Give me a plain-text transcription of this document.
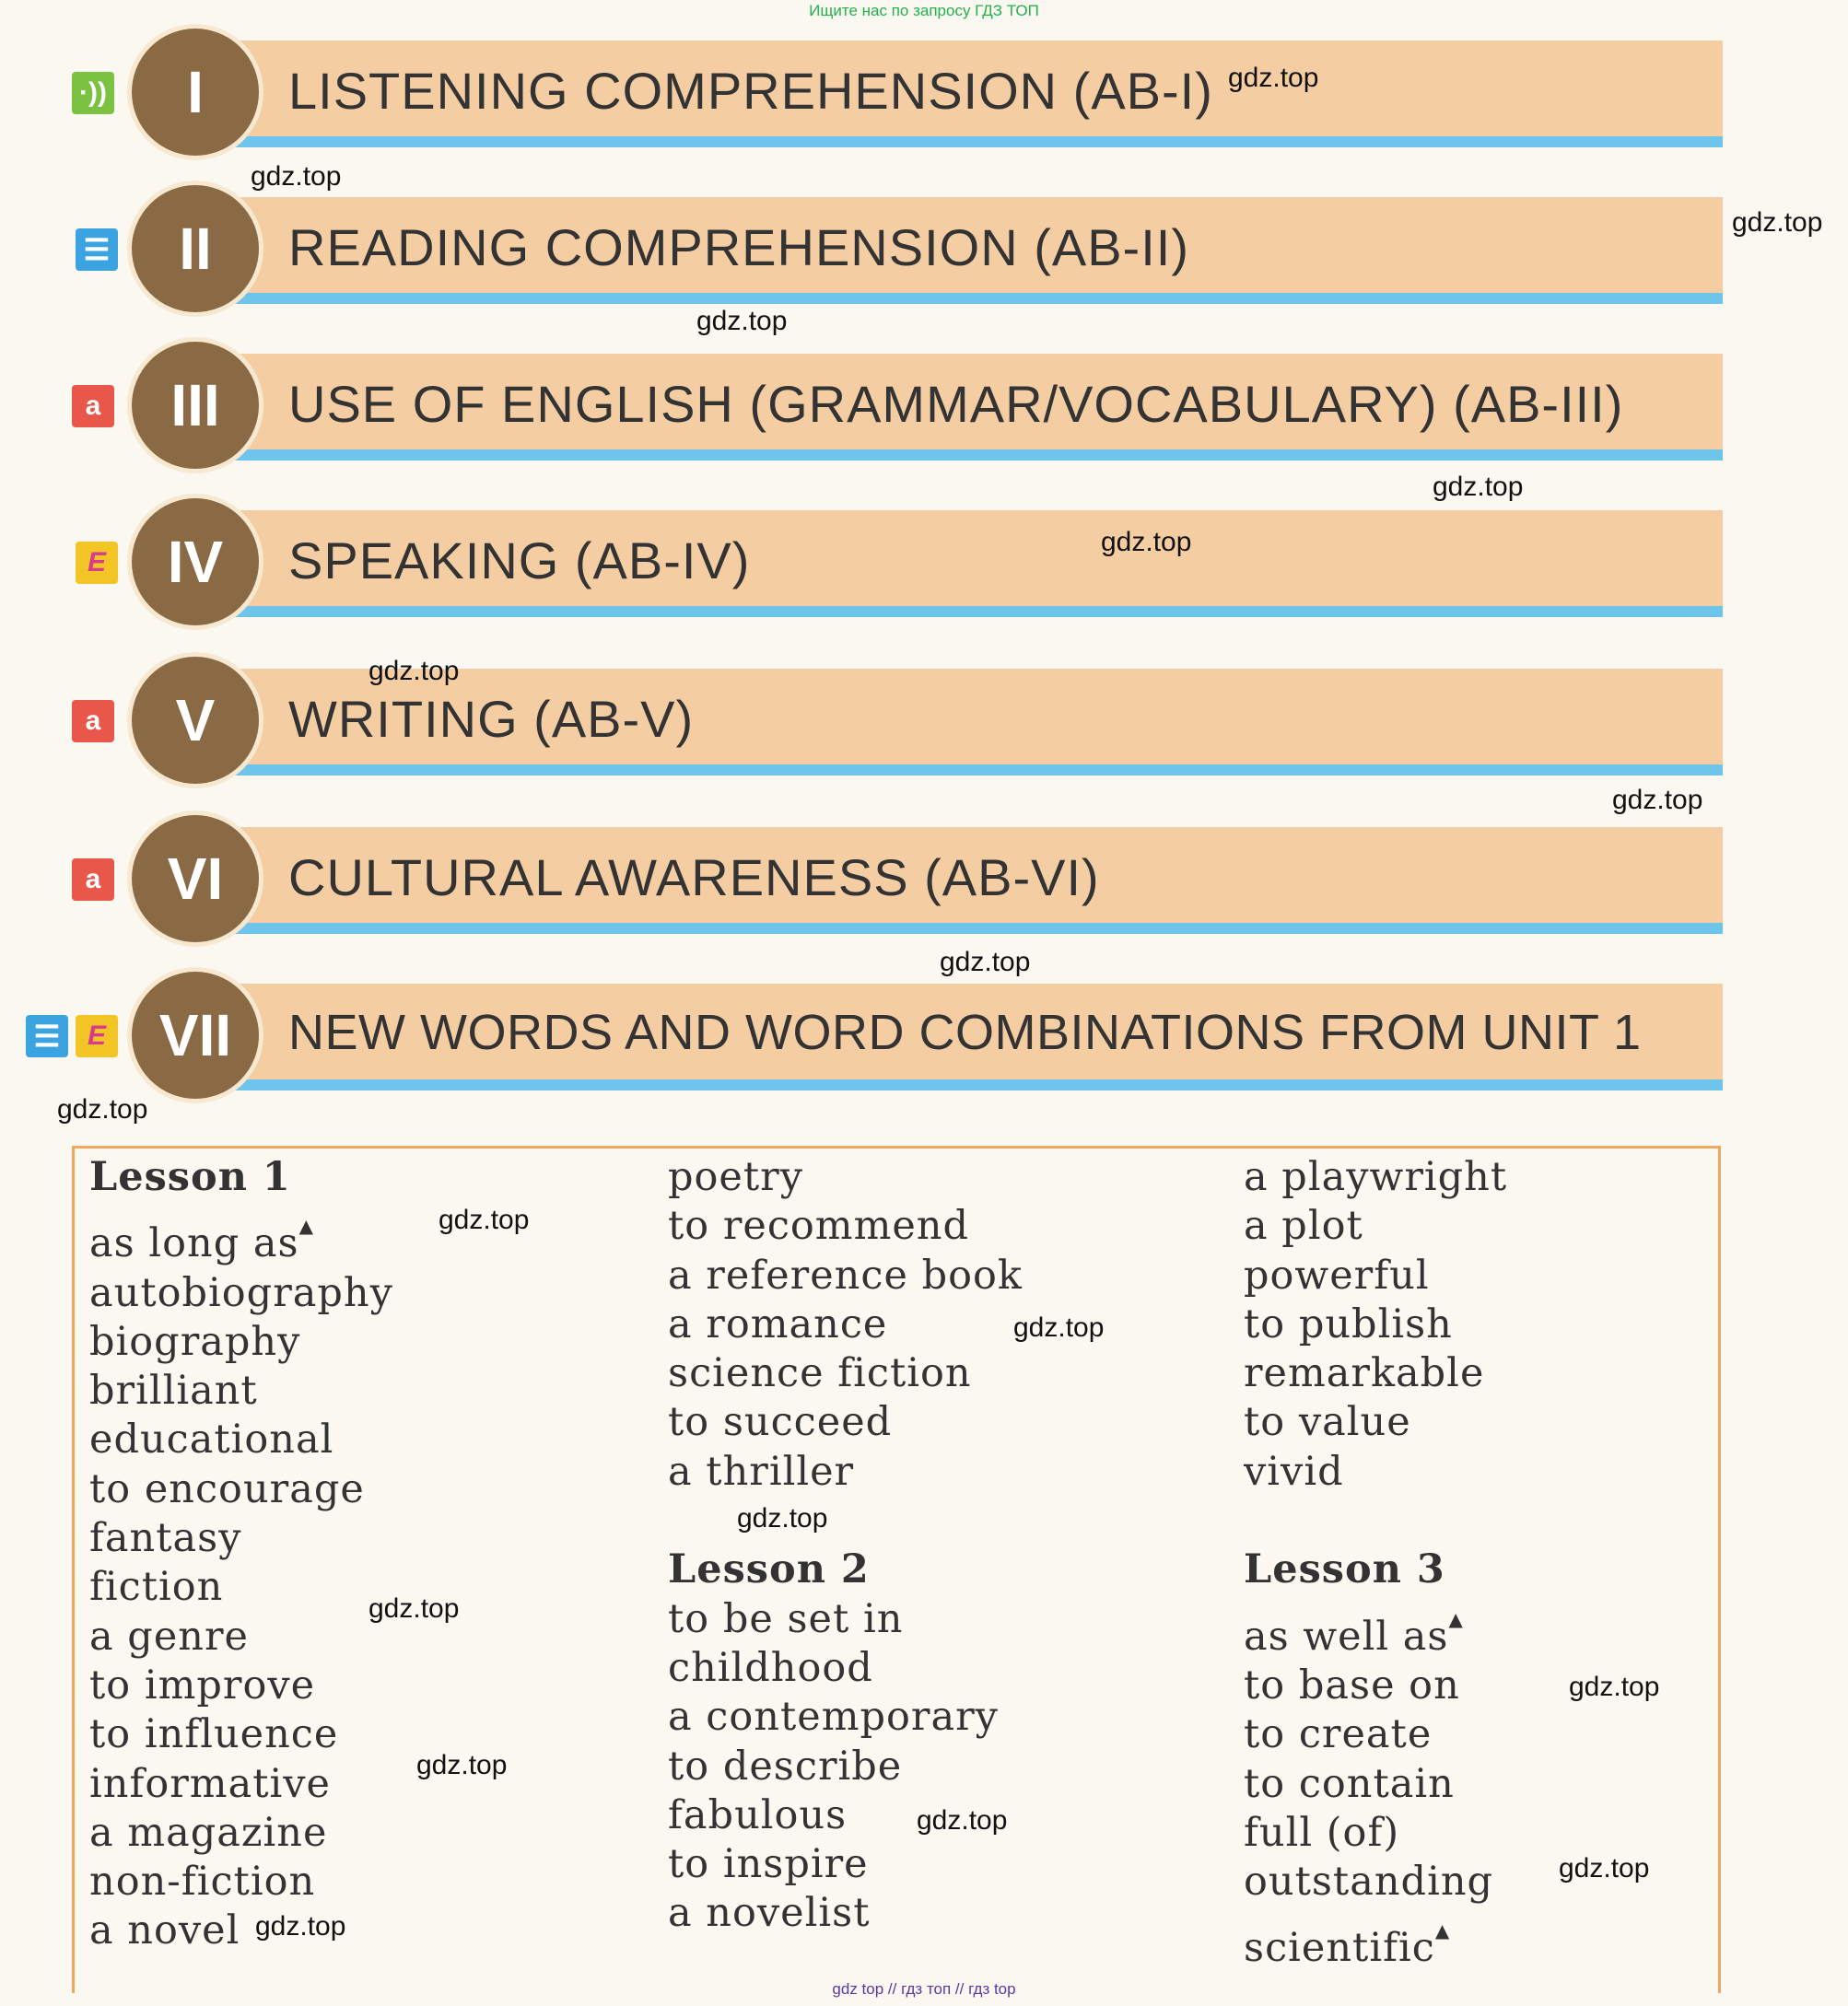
Ищите нас по запросу ГДЗ ТОП
·))	I	LISTENING COMPREHENSION (AB-I)
☰	II	READING COMPREHENSION (AB-II)
a	III	USE OF ENGLISH (GRAMMAR/VOCABULARY) (AB-III)
E	IV	SPEAKING (AB-IV)
a	V	WRITING (AB-V)
a	VI	CULTURAL AWARENESS (AB-VI)
☰ E VII	NEW WORDS AND WORD COMBINATIONS FROM UNIT 1
Lesson 1
as long as▲
autobiography
biography
brilliant
educational
to encourage
fantasy
fiction
a genre
to improve
to influence
informative
a magazine
non-fiction
a novel
poetry
to recommend
a reference book
a romance
science fiction
to succeed
a thriller
Lesson 2
to be set in
childhood
a contemporary
to describe
fabulous
to inspire
a novelist
a playwright
a plot
powerful
to publish
remarkable
to value
vivid
Lesson 3
as well as▲
to base on
to create
to contain
full (of)
outstanding
scientific▲
gdz.top
gdz.top
gdz.top
gdz.top
gdz.top
gdz.top
gdz.top
gdz.top
gdz.top
gdz.top
gdz.top
gdz.top
gdz.top
gdz.top
gdz.top
gdz.top
gdz.top
gdz.top
gdz.top
gdz top // гдз топ // гдз top
